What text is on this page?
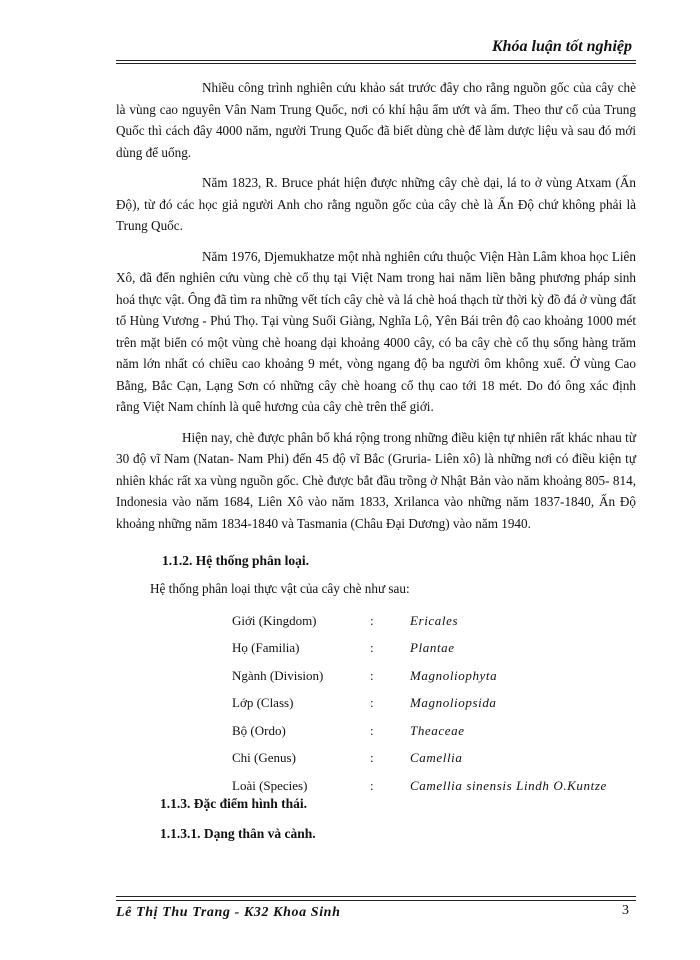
Khóa luận tốt nghiệp

Nhiều công trình nghiên cứu khảo sát trước đây cho rằng nguồn gốc của cây chè là vùng cao nguyên Vân Nam Trung Quốc, nơi có khí hậu ẩm ướt và ấm. Theo thư cổ của Trung Quốc thì cách đây 4000 năm, người Trung Quốc đã biết dùng chè để làm dược liệu và sau đó mới dùng để uống.

Năm 1823, R. Bruce phát hiện được những cây chè dại, lá to ở vùng Atxam (Ấn Độ), từ đó các học giả người Anh cho rằng nguồn gốc của cây chè là Ấn Độ chứ không phải là Trung Quốc.

Năm 1976, Djemukhatze một nhà nghiên cứu thuộc Viện Hàn Lâm khoa học Liên Xô, đã đến nghiên cứu vùng chè cổ thụ tại Việt Nam trong hai năm liền bằng phương pháp sinh hoá thực vật. Ông đã tìm ra những vết tích cây chè và lá chè hoá thạch từ thời kỳ đồ đá ở vùng đất tổ Hùng Vương - Phú Thọ. Tại vùng Suối Giàng, Nghĩa Lộ, Yên Bái trên độ cao khoảng 1000 mét trên mặt biển có một vùng chè hoang dại khoảng 4000 cây, có ba cây chè cổ thụ sống hàng trăm năm lớn nhất có chiều cao khoảng 9 mét, vòng ngang độ ba người ôm không xuể. Ở vùng Cao Bằng, Bắc Cạn, Lạng Sơn có những cây chè hoang cổ thụ cao tới 18 mét. Do đó ông xác định rằng Việt Nam chính là quê hương của cây chè trên thế giới.

Hiện nay, chè được phân bố khá rộng trong những điều kiện tự nhiên rất khác nhau từ 30 độ vĩ Nam (Natan- Nam Phi) đến 45 độ vĩ Bắc (Gruria- Liên xô) là những nơi có điều kiện tự nhiên khác rất xa vùng nguồn gốc. Chè được bắt đầu trồng ở Nhật Bản vào năm khoảng 805- 814, Indonesia vào năm 1684, Liên Xô vào năm 1833, Xrilanca vào những năm 1837-1840, Ấn Độ khoảng những năm 1834-1840 và Tasmania (Châu Đại Dương) vào năm 1940.

1.1.2. Hệ thống phân loại.
Hệ thống phân loại thực vật của cây chè như sau:
Giới (Kingdom)	:	Ericales
Họ (Familia)	:	Plantae
Ngành (Division)	:	Magnoliophyta
Lớp (Class)	:	Magnoliopsida
Bộ (Ordo)	:	Theaceae
Chi (Genus)	:	Camellia
Loài (Species)	:	Camellia sinensis Lindh O.Kuntze
1.1.3. Đặc điểm hình thái.
1.1.3.1. Dạng thân và cành.
Lê Thị Thu Trang - K32 Khoa Sinh	3
